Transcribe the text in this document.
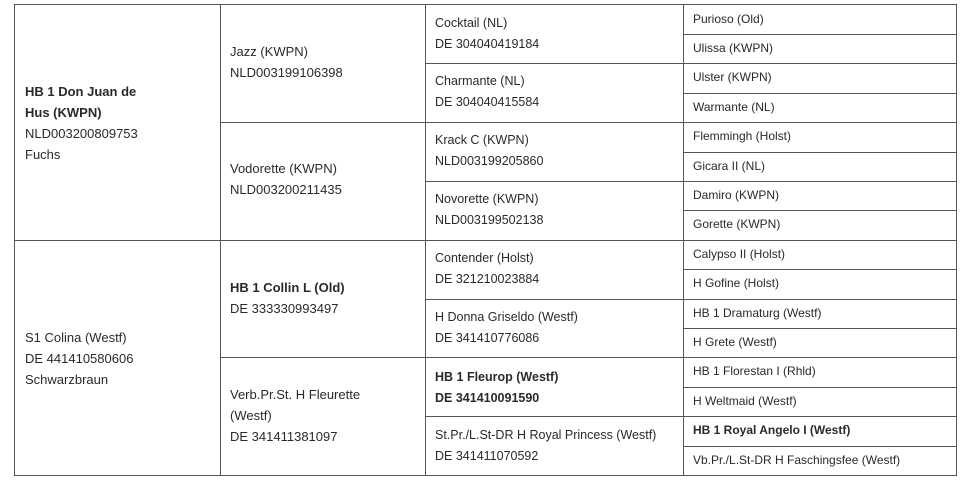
HB 1 Don Juan de
Hus (KWPN)
NLD003200809753
Fuchs
S1 Colina (Westf)
DE 441410580606
Schwarzbraun
Jazz (KWPN)
NLD003199106398
Vodorette (KWPN)
NLD003200211435
HB 1 Collin L (Old)
DE 333330993497
Verb.Pr.St. H Fleurette
(Westf)
DE 341411381097
Cocktail (NL)
DE 304040419184
Charmante (NL)
DE 304040415584
Krack C (KWPN)
NLD003199205860
Novorette (KWPN)
NLD003199502138
Contender (Holst)
DE 321210023884
H Donna Griseldo (Westf)
DE 341410776086
HB 1 Fleurop (Westf)
DE 341410091590
St.Pr./L.St-DR H Royal Princess (Westf)
DE 341411070592
Purioso (Old)
Ulissa (KWPN)
Ulster (KWPN)
Warmante (NL)
Flemmingh (Holst)
Gicara II (NL)
Damiro (KWPN)
Gorette (KWPN)
Calypso II (Holst)
H Gofine (Holst)
HB 1 Dramaturg (Westf)
H Grete (Westf)
HB 1 Florestan I (Rhld)
H Weltmaid (Westf)
HB 1 Royal Angelo I (Westf)
Vb.Pr./L.St-DR H Faschingsfee (Westf)
